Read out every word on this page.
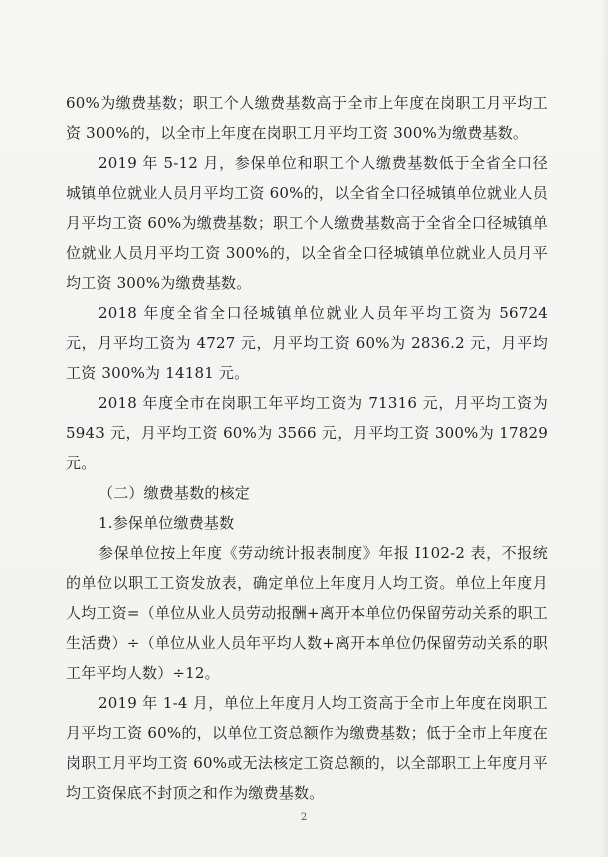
60%为缴费基数；职工个人缴费基数高于全市上年度在岗职工月平均工资 300%的，以全市上年度在岗职工月平均工资 300%为缴费基数。

2019 年 5-12 月，参保单位和职工个人缴费基数低于全省全口径城镇单位就业人员月平均工资 60%的，以全省全口径城镇单位就业人员月平均工资 60%为缴费基数；职工个人缴费基数高于全省全口径城镇单位就业人员月平均工资 300%的，以全省全口径城镇单位就业人员月平均工资 300%为缴费基数。

2018 年度全省全口径城镇单位就业人员年平均工资为 56724 元，月平均工资为 4727 元，月平均工资 60%为 2836.2 元，月平均工资 300%为 14181 元。

2018 年度全市在岗职工年平均工资为 71316 元，月平均工资为 5943 元，月平均工资 60%为 3566 元，月平均工资 300%为 17829 元。

（二）缴费基数的核定

1.参保单位缴费基数

参保单位按上年度《劳动统计报表制度》年报 I102-2 表，不报统的单位以职工工资发放表，确定单位上年度月人均工资。单位上年度月人均工资=（单位从业人员劳动报酬+离开本单位仍保留劳动关系的职工生活费）÷（单位从业人员年平均人数+离开本单位仍保留劳动关系的职工年平均人数）÷12。

2019 年 1-4 月，单位上年度月人均工资高于全市上年度在岗职工月平均工资 60%的，以单位工资总额作为缴费基数；低于全市上年度在岗职工月平均工资 60%或无法核定工资总额的，以全部职工上年度月平均工资保底不封顶之和作为缴费基数。

2
